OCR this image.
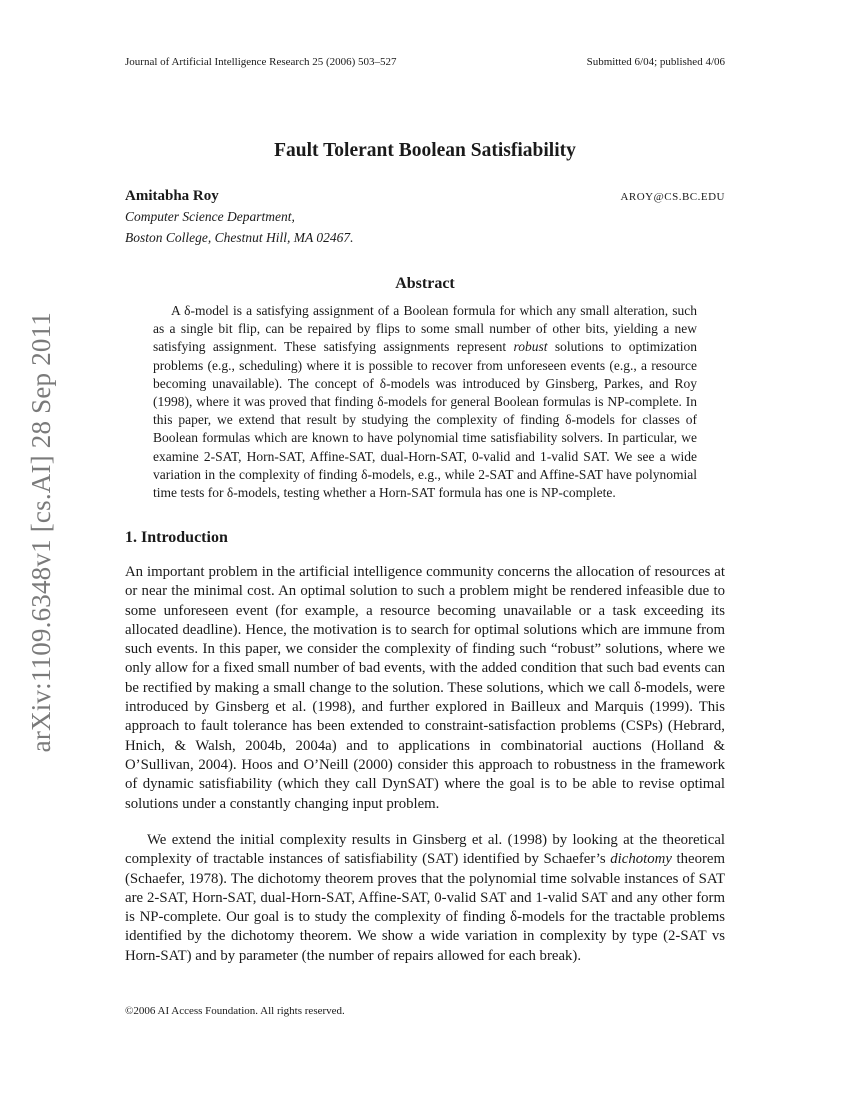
arXiv:1109.6348v1 [cs.AI] 28 Sep 2011
Journal of Artificial Intelligence Research 25 (2006) 503–527	Submitted 6/04; published 4/06
Fault Tolerant Boolean Satisfiability
Amitabha Roy	AROY@CS.BC.EDU
Computer Science Department,
Boston College, Chestnut Hill, MA 02467.
Abstract

A δ-model is a satisfying assignment of a Boolean formula for which any small alteration, such as a single bit flip, can be repaired by flips to some small number of other bits, yielding a new satisfying assignment. These satisfying assignments represent robust solutions to optimization problems (e.g., scheduling) where it is possible to recover from unforeseen events (e.g., a resource becoming unavailable). The concept of δ-models was introduced by Ginsberg, Parkes, and Roy (1998), where it was proved that finding δ-models for general Boolean formulas is NP-complete. In this paper, we extend that result by studying the complexity of finding δ-models for classes of Boolean formulas which are known to have polynomial time satisfiability solvers. In particular, we examine 2-SAT, Horn-SAT, Affine-SAT, dual-Horn-SAT, 0-valid and 1-valid SAT. We see a wide variation in the complexity of finding δ-models, e.g., while 2-SAT and Affine-SAT have polynomial time tests for δ-models, testing whether a Horn-SAT formula has one is NP-complete.

1. Introduction

An important problem in the artificial intelligence community concerns the allocation of resources at or near the minimal cost. An optimal solution to such a problem might be rendered infeasible due to some unforeseen event (for example, a resource becoming unavailable or a task exceeding its allocated deadline). Hence, the motivation is to search for optimal solutions which are immune from such events. In this paper, we consider the complexity of finding such “robust” solutions, where we only allow for a fixed small number of bad events, with the added condition that such bad events can be rectified by making a small change to the solution. These solutions, which we call δ-models, were introduced by Ginsberg et al. (1998), and further explored in Bailleux and Marquis (1999). This approach to fault tolerance has been extended to constraint-satisfaction problems (CSPs) (Hebrard, Hnich, & Walsh, 2004b, 2004a) and to applications in combinatorial auctions (Holland & O’Sullivan, 2004). Hoos and O’Neill (2000) consider this approach to robustness in the framework of dynamic satisfiability (which they call DynSAT) where the goal is to be able to revise optimal solutions under a constantly changing input problem.

We extend the initial complexity results in Ginsberg et al. (1998) by looking at the theoretical complexity of tractable instances of satisfiability (SAT) identified by Schaefer’s dichotomy theorem (Schaefer, 1978). The dichotomy theorem proves that the polynomial time solvable instances of SAT are 2-SAT, Horn-SAT, dual-Horn-SAT, Affine-SAT, 0-valid SAT and 1-valid SAT and any other form is NP-complete. Our goal is to study the complexity of finding δ-models for the tractable problems identified by the dichotomy theorem. We show a wide variation in complexity by type (2-SAT vs Horn-SAT) and by parameter (the number of repairs allowed for each break).

©2006 AI Access Foundation. All rights reserved.
